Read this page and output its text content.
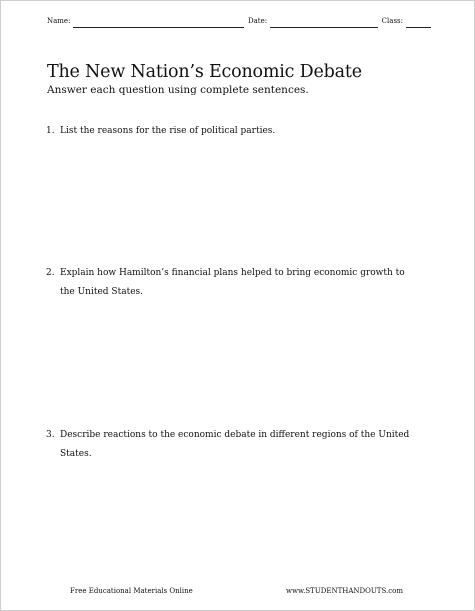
Name:	Date:	Class:
The New Nation’s Economic Debate
Answer each question using complete sentences.
1. List the reasons for the rise of political parties.
2. Explain how Hamilton’s financial plans helped to bring economic growth to the United States.
3. Describe reactions to the economic debate in different regions of the United States.
Free Educational Materials Online	www.STUDENTHANDOUTS.com
